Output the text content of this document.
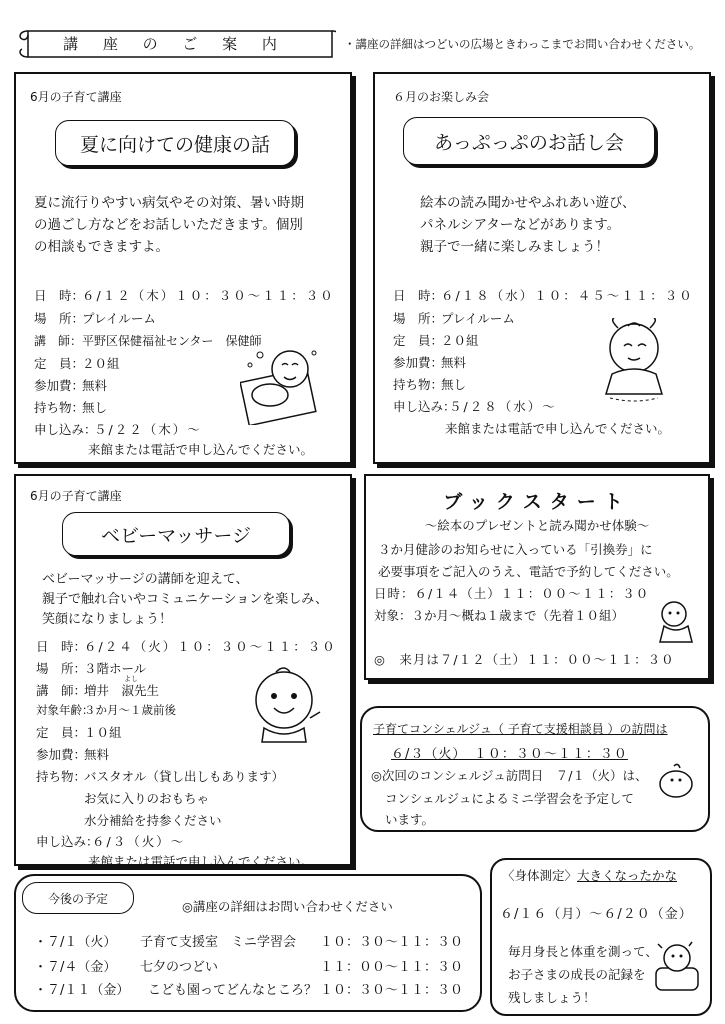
講 座 の ご 案 内	・講座の詳細はつどいの広場ときわっこまでお問い合わせください。
6月の子育て講座
夏に向けての健康の話
夏に流行りやすい病気やその対策、暑い時期
の過ごし方などをお話しいただきます。個別
の相談もできますよ。
日　時：６/１２（木）１０：３０～１１：３０
場　所：プレイルーム
講　師：平野区保健福祉センター　保健師
定　員：２０組
参加費：無料
持ち物：無し
申し込み：５/２２（木）～
来館または電話で申し込んでください。
６月のお楽しみ会
あっぷっぷのお話し会
絵本の読み聞かせやふれあい遊び、
パネルシアターなどがあります。
親子で一緒に楽しみましょう！
日　時：６/１８（水）１０：４５～１１：３０
場　所：プレイルーム
定　員：２０組
参加費：無料
持ち物：無し
申し込み：５/２８（水）～
来館または電話で申し込んでください。
6月の子育て講座
ベビーマッサージ
ベビーマッサージの講師を迎えて、
親子で触れ合いやコミュニケーションを楽しみ、
笑顔になりましょう！
日　時：６/２４（火）１０：３０～１１：３０
場　所：３階ホール
講　師：増井　淑先生
よし
対象年齢：３か月～１歳前後
定　員：１０組
参加費：無料
持ち物：バスタオル（貸し出しもあります）
お気に入りのおもちゃ
水分補給を持参ください
申し込み：６/３（火）～
来館または電話で申し込んでください。
ブックスタート
～絵本のプレゼントと読み聞かせ体験～
３か月健診のお知らせに入っている「引換券」に
必要事項をご記入のうえ、電話で予約してください。
日時：６/１４（土）１１：００～１１：３０
対象：３か月～概ね１歳まで（先着１０組）
◎　来月は７/１２（土）１１：００～１１：３０
子育てコンシェルジュ（ 子育て支援相談員 ）の訪問は
６/３（火）　１０：３０～１１：３０
◎次回のコンシェルジュ訪問日　７/１（火）は、
コンシェルジュによるミニ学習会を予定して
います。
今後の予定
◎講座の詳細はお問い合わせください
・７/１（火） 子育て支援室　ミニ学習会 １０：３０～１１：３０
・７/４（金） 七夕のつどい	１１：００～１１：３０
・７/１１（金） こども園ってどんなところ？ １０：３０～１１：３０
〈身体測定〉大きくなったかな
６/１６（月）～６/２０（金）
毎月身長と体重を測って、
お子さまの成長の記録を
残しましょう！
